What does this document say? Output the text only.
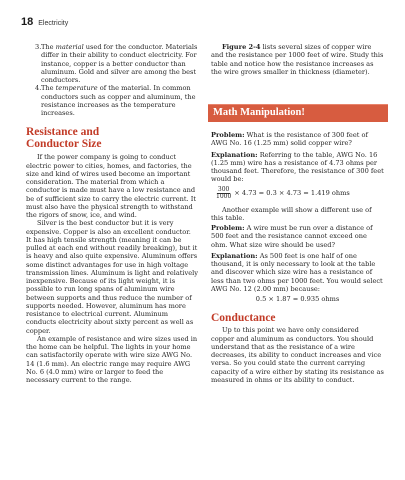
18 Electricity
3. The material used for the conductor. Materials differ in their ability to conduct electricity. For instance, copper is a better conductor than aluminum. Gold and silver are among the best conductors.
4. The temperature of the material. In common conductors such as copper and aluminum, the resistance increases as the temperature increases.
Resistance and
Conductor Size

If the power company is going to conduct electric power to cities, homes, and factories, the size and kind of wires used become an important consideration. The material from which a conductor is made must have a low resistance and be of sufficient size to carry the electric current. It must also have the physical strength to withstand the rigors of snow, ice, and wind.

Silver is the best conductor but it is very expensive. Copper is also an excellent conductor. It has high tensile strength (meaning it can be pulled at each end without readily breaking), but it is heavy and also quite expensive. Aluminum offers some distinct advantages for use in high voltage transmission lines. Aluminum is light and relatively inexpensive. Because of its light weight, it is possible to run long spans of aluminum wire between supports and thus reduce the number of supports needed. However, aluminum has more resistance to electrical current. Aluminum conducts electricity about sixty percent as well as copper.

An example of resistance and wire sizes used in the home can be helpful. The lights in your home can satisfactorily operate with wire size AWG No. 14 (1.6 mm). An electric range may require AWG No. 6 (4.0 mm) wire or larger to feed the necessary current to the range.

Figure 2-4 lists several sizes of copper wire and the resistance per 1000 feet of wire. Study this table and notice how the resistance increases as the wire grows smaller in thickness (diameter).

Math Manipulation!

Problem: What is the resistance of 300 feet of AWG No. 16 (1.25 mm) solid copper wire?

Explanation: Referring to the table, AWG No. 16 (1.25 mm) wire has a resistance of 4.73 ohms per thousand feet. Therefore, the resistance of 300 feet would be:

$\frac{300}{1000} \times 4.73 = 0.3 \times 4.73 = 1.419$ ohms

Another example will show a different use of this table.

Problem: A wire must be run over a distance of 500 feet and the resistance cannot exceed one ohm. What size wire should be used?

Explanation: As 500 feet is one half of one thousand, it is only necessary to look at the table and discover which size wire has a resistance of less than two ohms per 1000 feet. You would select AWG No. 12 (2.00 mm) because:

0.5 × 1.87 = 0.935 ohms

Conductance

Up to this point we have only considered copper and aluminum as conductors. You should understand that as the resistance of a wire decreases, its ability to conduct increases and vice versa. So you could state the current carrying capacity of a wire either by stating its resistance as measured in ohms or its ability to conduct.
